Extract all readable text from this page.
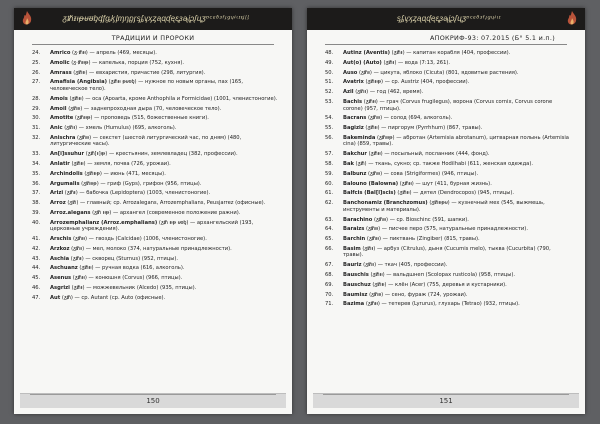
ᵹᵺᵻᵼᵽᵾᵿᶀᶁᶂᶃᶄᶅᶆᶇᶈᶉᶊᶋᶌᶍᶎᶏᶐᶑᶒᶓᶔᶕᶖᶗᶘᶙᶚᶛᶜᶝᶞᶟᶠᶡᶢᶣᶤᶥᶦᶧᶨᶩᶪ
ТРАДИЦИИ И ПРОРОКИ
24.	Amrico (ᵹ·ᵺᵻᵼ) — апрель (469, месяцы).
25.	Amolic (ᵹ·ᵺᵻᵼᵽ) — капелька, порция (752, кухня).
26.	Amrass (ᵹᵺᵻᵼ) — евхаристия, причастие (298, литургия).
27.	Amafisia (Angibsia) (ᵹᵺᵻᵼ ᵽᵾᵿᶀ) — нужное по новым органы, пах (165, человеческое тело).
28.	Amois (ᵹᵺᵻᵼ) — оса (Apoarta, кроме Anthophila и Formicidae) (1001, членистоногие).
29.	Amoil (ᵹᵺᵻᵼ) — заднепроходная дыра (70, человеческое тело).
30.	Amotite (ᵹᵺᵻᵼᵽ) — проповедь (515, божественные книги).
31.	Anic (ᵹᵺᵻ) — хмель (Humulus) (695, алкоголь).
32.	Anischra (ᵹᵺᵻᵼ) — секстет (шестой литургический час, по дням) (480, литургические часы).
33.	An[i]ssuhur (ᵹᵺ[ᵻ]ᵼᵽ) — крестьянин, землевладец (382, профессии).
34.	Anlatir (ᵹᵺᵻᵼ) — земля, почва (726, урожаи).
35.	Archindolis (ᵹᵺᵻᵼᵽ) — июнь (471, месяцы).
36.	Argumalis (ᵹᵺᵻᵼᵽ) — гриф (Gyps), грифон (956, птицы).
37.	Arizi (ᵹᵺᵻ) — бабочка (Lepidoptera) (1003, членистоногие).
38.	Arroz (ᵹᵺ) — главный; ср. Arrozalegans, Arrozemphalians, Peusjarrez (офисные).
39.	Arroz.alegans (ᵹᵺ ᵻᵼᵽ) — архангел (современное положение ражни).
40.	Arrozemphalianz (Arroz.emphalians) (ᵹᵺ ᵻᵼᵽ ᵾᵿᶀ) — архангельский (193, церковные учреждения).
41.	Arschis (ᵹᵺᵻᵼ) — гвоздь (Calcidae) (1006, членистоногие).
42.	Arzkoz (ᵹᵺᵻ) — мел, молоко (374, натуральные принадлежности).
43.	Aschia (ᵹᵺᵻ) — скворец (Sturnus) (952, птицы).
44.	Aschuanz (ᵹᵺᵻᵼ) — ручная водка (616, алкоголь).
45.	Asenus (ᵹᵺᵻᵼ) — конюшня (Corvus) (966, птицы).
46.	Asgrizi (ᵹᵺᵻ) — можжевельник (Alcedo) (935, птицы).
47.	Aut (ᵹᵺ) — ср. Autant (ср. Auto (офисные).
150
ᶊᶋᶌᶍᶎᶏᶐᶑᶒᶓᶔᶕᶖᶗᶘᶙᶚᶛᶜᶝᶞᶟᶠᶡᶢᶣᶤᶥᶦ
АПОКРИФ-93: 07.2015 (Б° 5.1 и.п.)
48.	Autinz (Aventis) (ᵹᵺᵻ) — капитан корабля (404, профессии).
49.	Aut(o) (Auto) (ᵹᵺᵻ) — вода (7:13, 261).
50.	Auso (ᵹᵺᵻ) — цикута, яблоко (Cicuta) (801, ядовитые растения).
51.	Avatrix (ᵹᵺᵻᵼᵽ) — ср. Austriz (404, профессии).
52.	Azil (ᵹᵺᵻ) — год (462, время).
53.	Bachis (ᵹᵺᵻᵼ) — грач (Corvus frugilegus), ворона (Corvus cornix, Corvus corone corone) (957, птицы).
54.	Bacrans (ᵹᵺᵻᵼ) — солод (694, алкоголь).
55.	Bagiziz (ᵹᵺᵻᵼ) — пиргорум (Pyrrhhum) (867, травы).
56.	Bakeminda (ᵹᵺᵻᵼᵽ) — абротан (Artemisia abrotanum), цитварная полынь (Artemisia cina) (859, травы).
57.	Bakchur (ᵹᵺᵻᵼ) — посыльный, посланник (444, фонд).
58.	Bak (ᵹᵺ) — ткань, сукно; ср. также Hodilhabi (611, женская одежда).
59.	Balbunz (ᵹᵺᵻᵼ) — сова (Strigiformes) (946, птицы).
60.	Balouno (Balowna) (ᵹᵺᵻᵼ) — шут (411, бурная жизнь).
61.	Balfcis (Bal[l]scis) (ᵹᵺᵻᵼ) — дятел (Dendrocopos) (945, птицы).
62.	Banchonamiz (Branchzomus) (ᵹᵺᵻᵼᵽᵾ) — кузнечный мех (545, выжмешь, инструменты и материалы).
63.	Barachino (ᵹᵺᵻᵼ) — ср. Bioschinc (591, шапки).
64.	Baraizs (ᵹᵺᵻᵼ) — писчее перо (575, натуральные принадлежности).
65.	Barchin (ᵹᵺᵻᵼ) — пиктвань (Zingiber) (815, травы).
66.	Basim (ᵹᵺᵻ) — арбуз (Citrulus), дыня (Cucumis melo), тыква (Cucurbita) (790, травы).
67.	Bauriz (ᵹᵺᵻ) — ткач (405, профессии).
68.	Bauschis (ᵹᵺᵻᵼ) — вальдшнеп (Scolopax rusticola) (958, птицы).
69.	Bauschuz (ᵹᵺᵻᵼ) — клён (Acer) (755, деревья и кустарники).
70.	Baumisz (ᵹᵺᵻᵼ) — сено, фураж (724, урожаи).
71.	Bazima (ᵹᵺᵻᵼ) — тетерев (Lyrurus), глухарь (Tetrao) (932, птицы).
151
